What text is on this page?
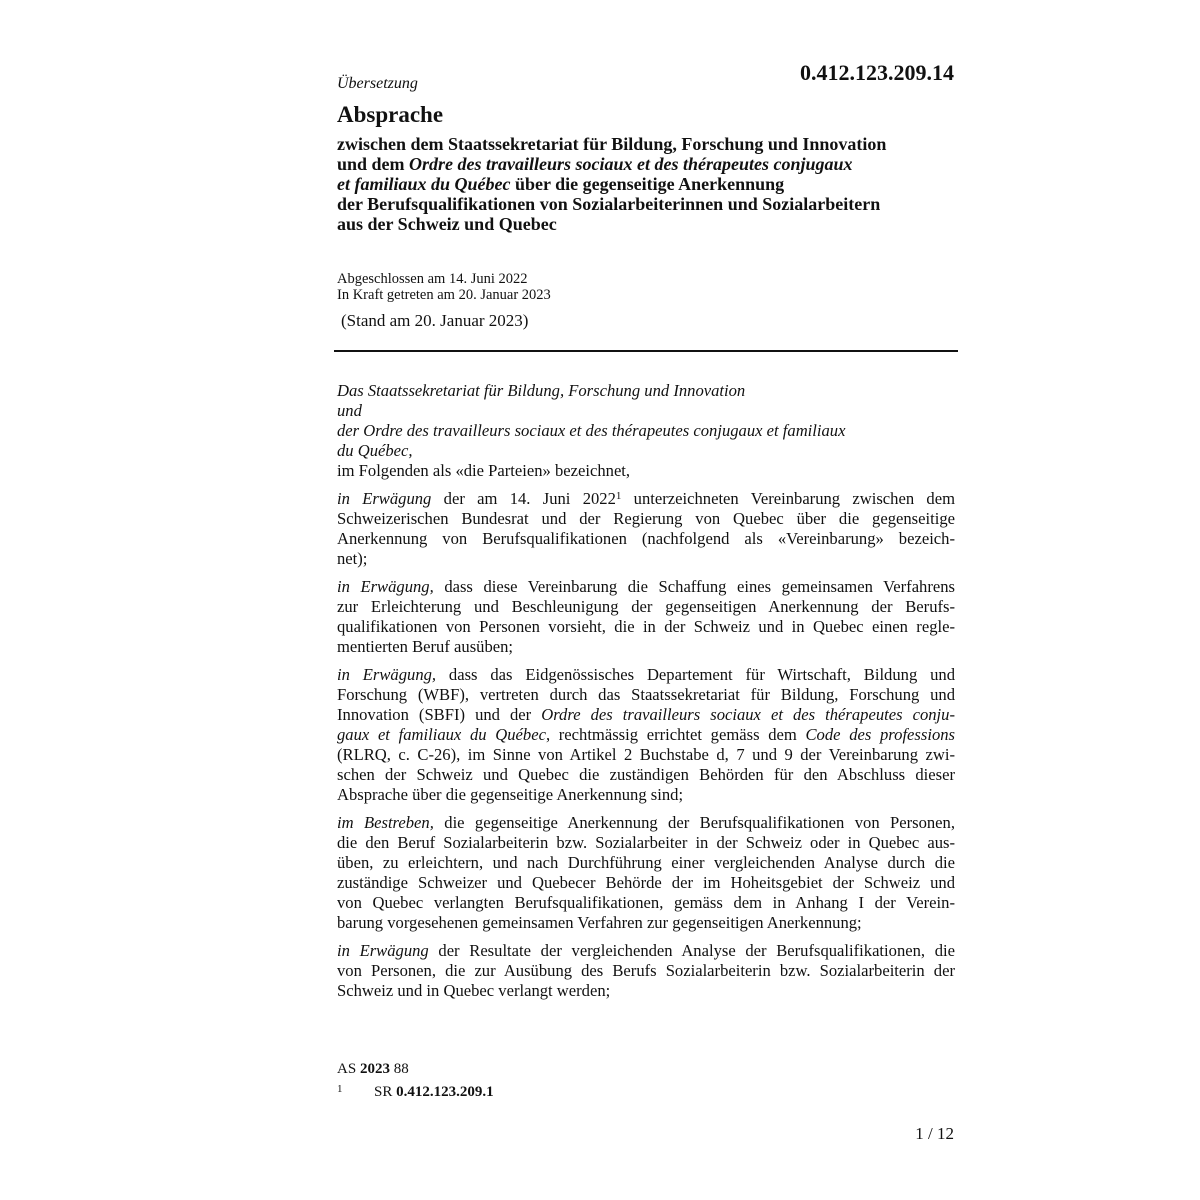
0.412.123.209.14
Übersetzung
Absprache
zwischen dem Staatssekretariat für Bildung, Forschung und Innovation
und dem Ordre des travailleurs sociaux et des thérapeutes conjugaux
et familiaux du Québec über die gegenseitige Anerkennung
der Berufsqualifikationen von Sozialarbeiterinnen und Sozialarbeitern
aus der Schweiz und Quebec
Abgeschlossen am 14. Juni 2022
In Kraft getreten am 20. Januar 2023
(Stand am 20. Januar 2023)
Das Staatssekretariat für Bildung, Forschung und Innovation
und
der Ordre des travailleurs sociaux et des thérapeutes conjugaux et familiaux
du Québec,
im Folgenden als «die Parteien» bezeichnet,
in Erwägung der am 14. Juni 2022$^1$ unterzeichneten Vereinbarung zwischen dem
Schweizerischen Bundesrat und der Regierung von Quebec über die gegenseitige
Anerkennung von Berufsqualifikationen (nachfolgend als «Vereinbarung» bezeich-
net);
in Erwägung, dass diese Vereinbarung die Schaffung eines gemeinsamen Verfahrens
zur Erleichterung und Beschleunigung der gegenseitigen Anerkennung der Berufs-
qualifikationen von Personen vorsieht, die in der Schweiz und in Quebec einen regle-
mentierten Beruf ausüben;
in Erwägung, dass das Eidgenössisches Departement für Wirtschaft, Bildung und
Forschung (WBF), vertreten durch das Staatssekretariat für Bildung, Forschung und
Innovation (SBFI) und der Ordre des travailleurs sociaux et des thérapeutes conju-
gaux et familiaux du Québec, rechtmässig errichtet gemäss dem Code des professions
(RLRQ, c. C-26), im Sinne von Artikel 2 Buchstabe d, 7 und 9 der Vereinbarung zwi-
schen der Schweiz und Quebec die zuständigen Behörden für den Abschluss dieser
Absprache über die gegenseitige Anerkennung sind;
im Bestreben, die gegenseitige Anerkennung der Berufsqualifikationen von Personen,
die den Beruf Sozialarbeiterin bzw. Sozialarbeiter in der Schweiz oder in Quebec aus-
üben, zu erleichtern, und nach Durchführung einer vergleichenden Analyse durch die
zuständige Schweizer und Quebecer Behörde der im Hoheitsgebiet der Schweiz und
von Quebec verlangten Berufsqualifikationen, gemäss dem in Anhang I der Verein-
barung vorgesehenen gemeinsamen Verfahren zur gegenseitigen Anerkennung;
in Erwägung der Resultate der vergleichenden Analyse der Berufsqualifikationen, die
von Personen, die zur Ausübung des Berufs Sozialarbeiterin bzw. Sozialarbeiterin der
Schweiz und in Quebec verlangt werden;
AS 2023 88
1 SR 0.412.123.209.1
1 / 12
